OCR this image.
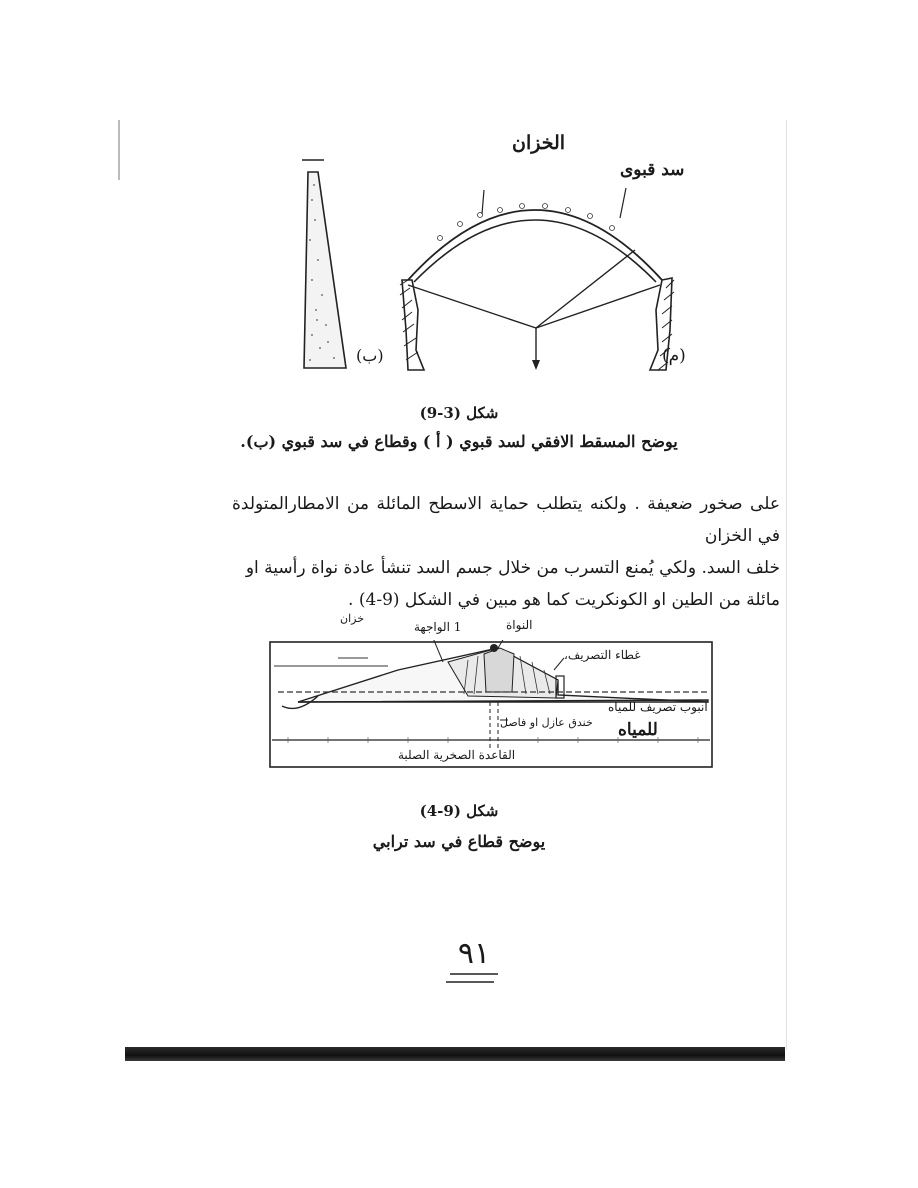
الخزان
سد قبوى
(م)
(ب)
شكل (3-9)
يوضح المسقط الافقي لسد قبوي ( أ ) وقطاع في سد قبوي (ب).
على صخور ضعيفة . ولكنه يتطلب حماية الاسطح المائلة من الامطارالمتولدة في الخزان
خلف السد. ولكي يُمنع التسرب من خلال جسم السد تنشأ عادة نواة رأسية او
مائلة من الطين او الكونكريت كما هو مبين في الشكل (9-4) .
خزان
1 الواجهة	النواة
غطاء التصريف،
انبوب تصريف للمياه
خندق عازل او فاصل للمياه
القاعدة الصخرية الصلبة
شكل (9-4)
يوضح قطاع في سد ترابي
٩١
